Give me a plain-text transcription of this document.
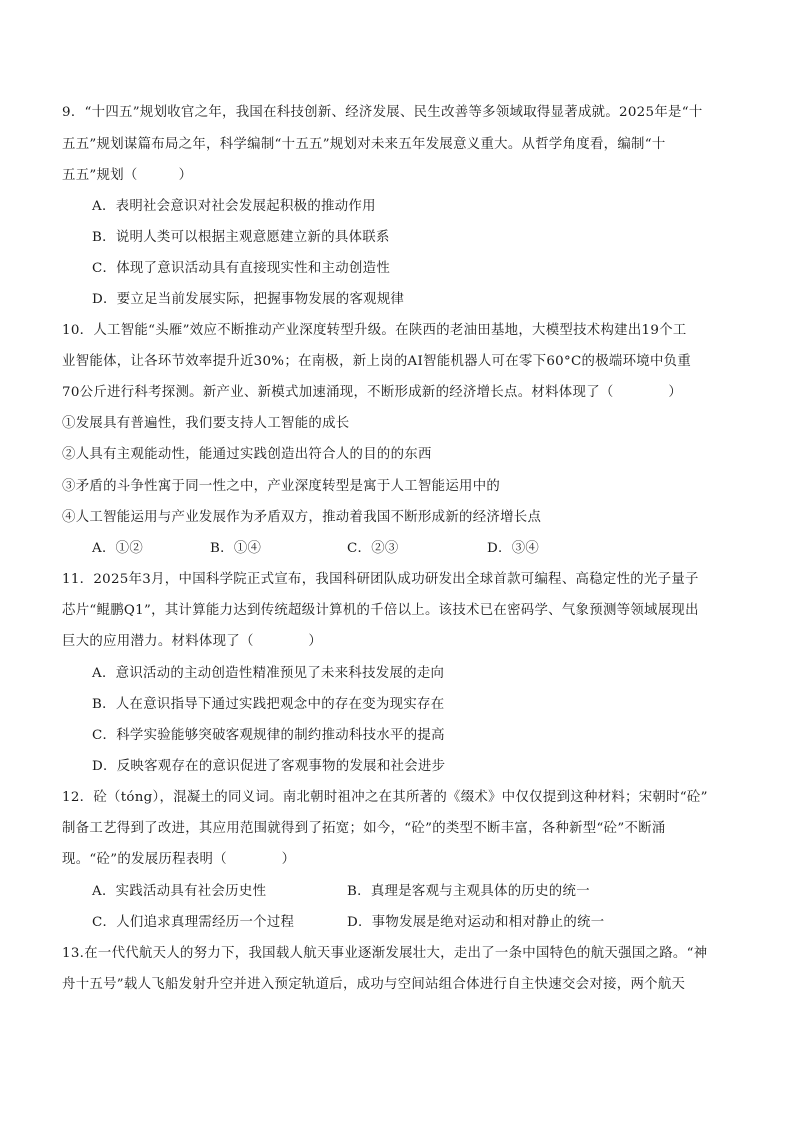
9．“十四五”规划收官之年，我国在科技创新、经济发展、民生改善等多领域取得显著成就。2025年是“十
五五”规划谋篇布局之年，科学编制“十五五”规划对未来五年发展意义重大。从哲学角度看，编制“十
五五”规划（　　　）
A．表明社会意识对社会发展起积极的推动作用
B．说明人类可以根据主观意愿建立新的具体联系
C．体现了意识活动具有直接现实性和主动创造性
D．要立足当前发展实际，把握事物发展的客观规律
10．人工智能“头雁”效应不断推动产业深度转型升级。在陕西的老油田基地，大模型技术构建出19个工
业智能体，让各环节效率提升近30%；在南极，新上岗的AI智能机器人可在零下60°C的极端环境中负重
70公斤进行科考探测。新产业、新模式加速涌现，不断形成新的经济增长点。材料体现了（　　　　）
①发展具有普遍性，我们要支持人工智能的成长
②人具有主观能动性，能通过实践创造出符合人的目的的东西
③矛盾的斗争性寓于同一性之中，产业深度转型是寓于人工智能运用中的
④人工智能运用与产业发展作为矛盾双方，推动着我国不断形成新的经济增长点
A．①②	B．①④	C．②③	D．③④
11．2025年3月，中国科学院正式宣布，我国科研团队成功研发出全球首款可编程、高稳定性的光子量子
芯片“鲲鹏Q1”，其计算能力达到传统超级计算机的千倍以上。该技术已在密码学、气象预测等领域展现出
巨大的应用潜力。材料体现了（　　　　）
A．意识活动的主动创造性精准预见了未来科技发展的走向
B．人在意识指导下通过实践把观念中的存在变为现实存在
C．科学实验能够突破客观规律的制约推动科技水平的提高
D．反映客观存在的意识促进了客观事物的发展和社会进步
12．砼（tóng），混凝土的同义词。南北朝时祖冲之在其所著的《缀术》中仅仅提到这种材料；宋朝时“砼”
制备工艺得到了改进，其应用范围就得到了拓宽；如今，“砼”的类型不断丰富，各种新型“砼”不断涌
现。“砼”的发展历程表明（　　　　）
A．实践活动具有社会历史性	B．真理是客观与主观具体的历史的统一
C．人们追求真理需经历一个过程	D．事物发展是绝对运动和相对静止的统一
13.在一代代航天人的努力下，我国载人航天事业逐渐发展壮大，走出了一条中国特色的航天强国之路。“神
舟十五号”载人飞船发射升空并进入预定轨道后，成功与空间站组合体进行自主快速交会对接，两个航天
